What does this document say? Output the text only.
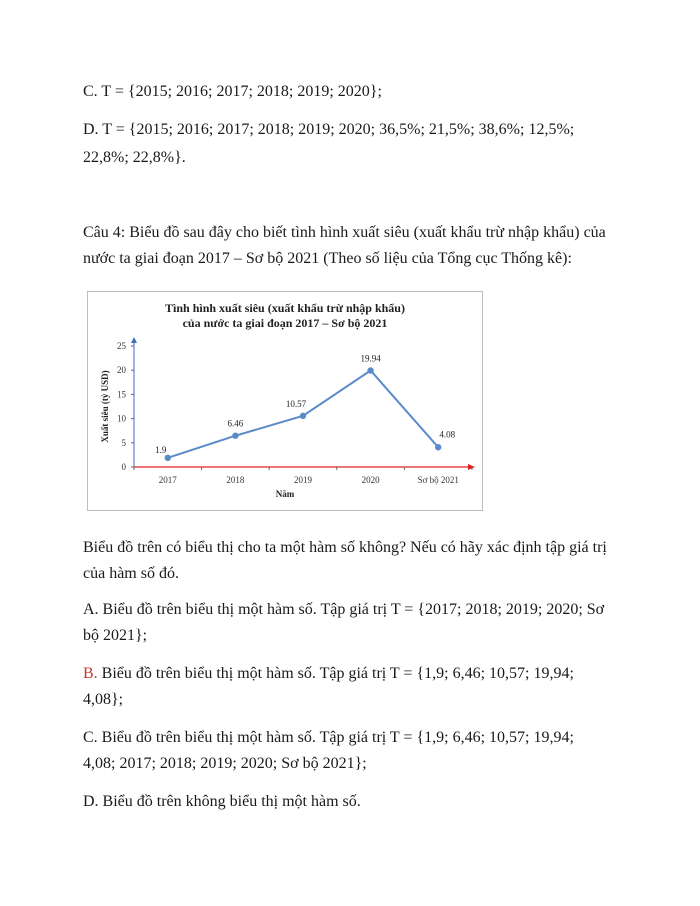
C. T = {2015; 2016; 2017; 2018; 2019; 2020};
D. T = {2015; 2016; 2017; 2018; 2019; 2020; 36,5%; 21,5%; 38,6%; 12,5%;
22,8%; 22,8%}.
Câu 4: Biểu đồ sau đây cho biết tình hình xuất siêu (xuất khẩu trừ nhập khẩu) của
nước ta giai đoạn 2017 – Sơ bộ 2021 (Theo số liệu của Tổng cục Thống kê):
Tình hình xuất siêu (xuất khẩu trừ nhập khẩu)
của nước ta giai đoạn 2017 – Sơ bộ 2021
0
5
10
15
20
25
2017	2018	2019	2020	Sơ bộ 2021
Năm
Xuất siêu (tỷ USD)
1.9
6.46
10.57
19.94
4.08
Biểu đồ trên có biểu thị cho ta một hàm số không? Nếu có hãy xác định tập giá trị
của hàm số đó.
A. Biểu đồ trên biểu thị một hàm số. Tập giá trị T = {2017; 2018; 2019; 2020; Sơ
bộ 2021};
B. Biểu đồ trên biểu thị một hàm số. Tập giá trị T = {1,9; 6,46; 10,57; 19,94;
4,08};
C. Biểu đồ trên biểu thị một hàm số. Tập giá trị T = {1,9; 6,46; 10,57; 19,94;
4,08; 2017; 2018; 2019; 2020; Sơ bộ 2021};
D. Biểu đồ trên không biểu thị một hàm số.
